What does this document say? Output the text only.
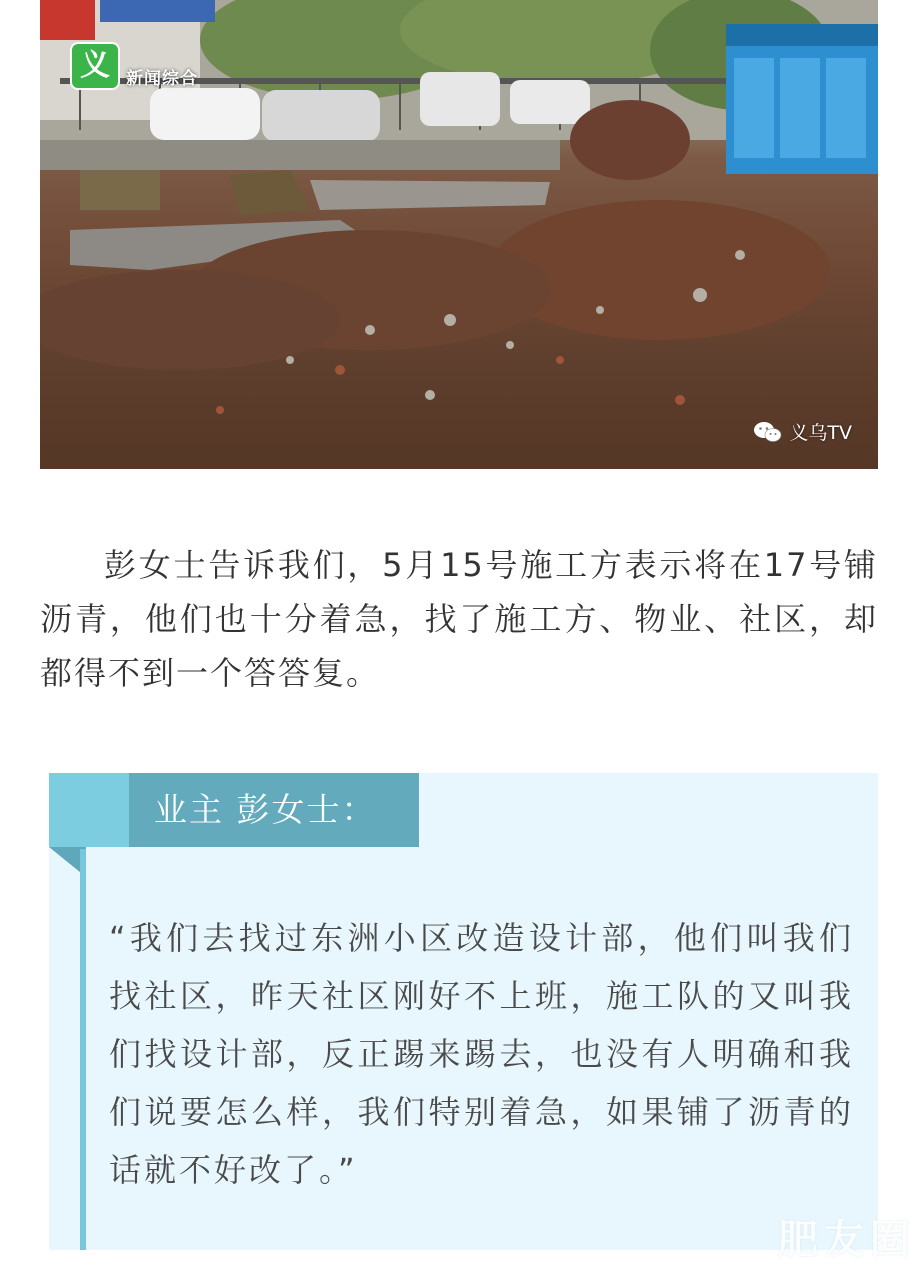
义 新闻综合
义乌TV

彭女士告诉我们，5月15号施工方表示将在17号铺沥青，他们也十分着急，找了施工方、物业、社区，却都得不到一个答答复。

业主 彭女士：
“我们去找过东洲小区改造设计部，他们叫我们找社区，昨天社区刚好不上班，施工队的又叫我们找设计部，反正踢来踢去，也没有人明确和我们说要怎么样，我们特别着急，如果铺了沥青的话就不好改了。”
肥友圈
